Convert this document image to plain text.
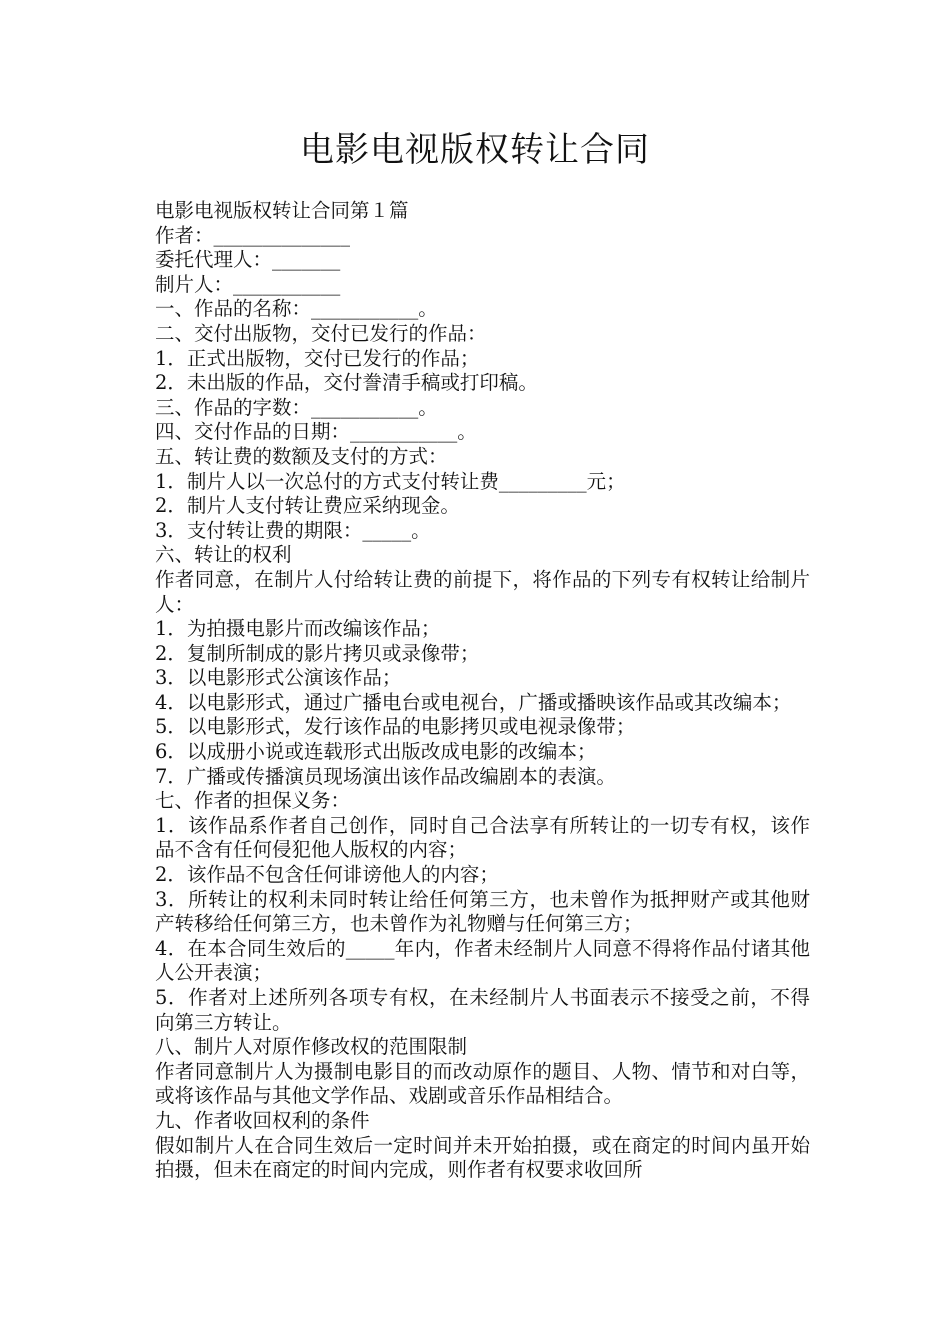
电影电视版权转让合同
电影电视版权转让合同第１篇
作者：______________
委托代理人：_______
制片人：___________
一、作品的名称：___________。
二、交付出版物，交付已发行的作品：
1．正式出版物，交付已发行的作品；
2．未出版的作品，交付誊清手稿或打印稿。
三、作品的字数：___________。
四、交付作品的日期：___________。
五、转让费的数额及支付的方式：
1．制片人以一次总付的方式支付转让费_________元；
2．制片人支付转让费应采纳现金。
3．支付转让费的期限：_____。
六、转让的权利
作者同意，在制片人付给转让费的前提下，将作品的下列专有权转让给制片人：
1．为拍摄电影片而改编该作品；
2．复制所制成的影片拷贝或录像带；
3．以电影形式公演该作品；
4．以电影形式，通过广播电台或电视台，广播或播映该作品或其改编本；
5．以电影形式，发行该作品的电影拷贝或电视录像带；
6．以成册小说或连载形式出版改成电影的改编本；
7．广播或传播演员现场演出该作品改编剧本的表演。
七、作者的担保义务：
1．该作品系作者自己创作，同时自己合法享有所转让的一切专有权，该作品不含有任何侵犯他人版权的内容；
2．该作品不包含任何诽谤他人的内容；
3．所转让的权利未同时转让给任何第三方，也未曾作为抵押财产或其他财产转移给任何第三方，也未曾作为礼物赠与任何第三方；
4．在本合同生效后的_____年内，作者未经制片人同意不得将作品付诸其他人公开表演；
5．作者对上述所列各项专有权，在未经制片人书面表示不接受之前，不得向第三方转让。
八、制片人对原作修改权的范围限制
作者同意制片人为摄制电影目的而改动原作的题目、人物、情节和对白等，或将该作品与其他文学作品、戏剧或音乐作品相结合。
九、作者收回权利的条件
假如制片人在合同生效后一定时间并未开始拍摄，或在商定的时间内虽开始拍摄，但未在商定的时间内完成，则作者有权要求收回所
